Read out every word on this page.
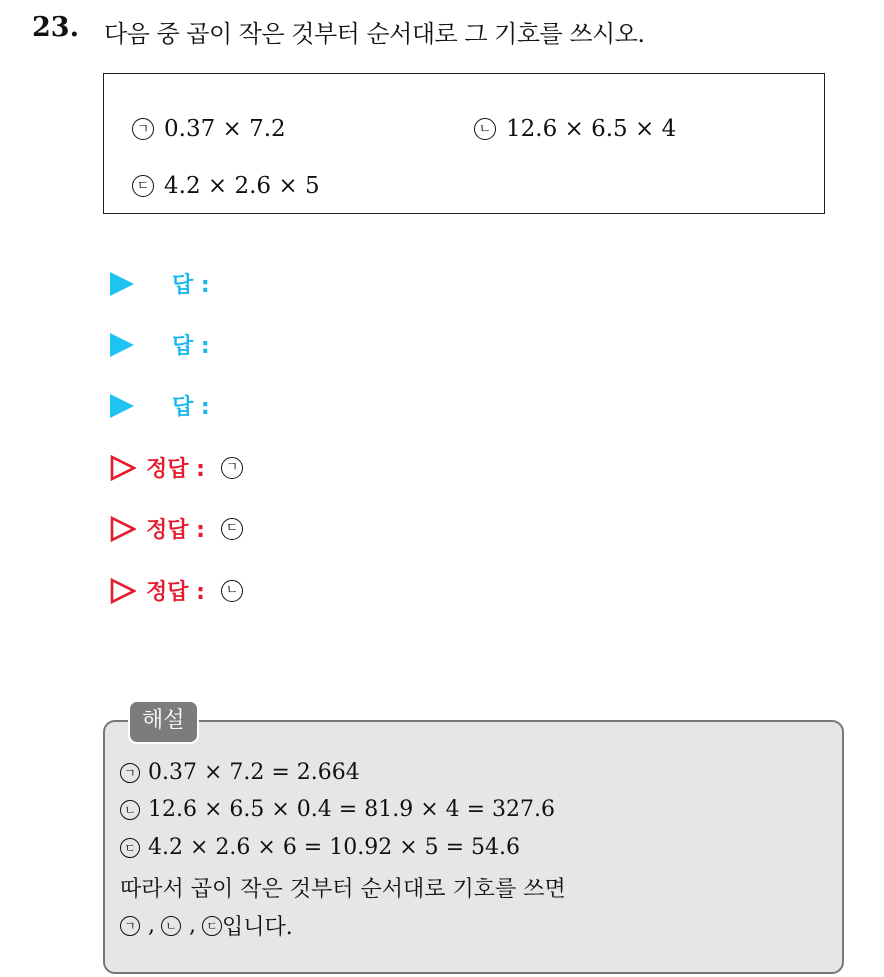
23. 다음 중 곱이 작은 것부터 순서대로 그 기호를 쓰시오.
ㄱ 0.37 × 7.2	ㄴ 12.6 × 6.5 × 4
ㄷ 4.2 × 2.6 × 5
답 :
답 :
답 :
정답 :	ㄱ
정답 :	ㄷ
정답 :	ㄴ
해설
ㄱ 0.37 × 7.2 = 2.664
ㄴ 12.6 × 6.5 × 0.4 = 81.9 × 4 = 327.6
ㄷ 4.2 × 2.6 × 6 = 10.92 × 5 = 54.6
따라서 곱이 작은 것부터 순서대로 기호를 쓰면
ㄱ , ㄴ , ㄷ 입니다.
